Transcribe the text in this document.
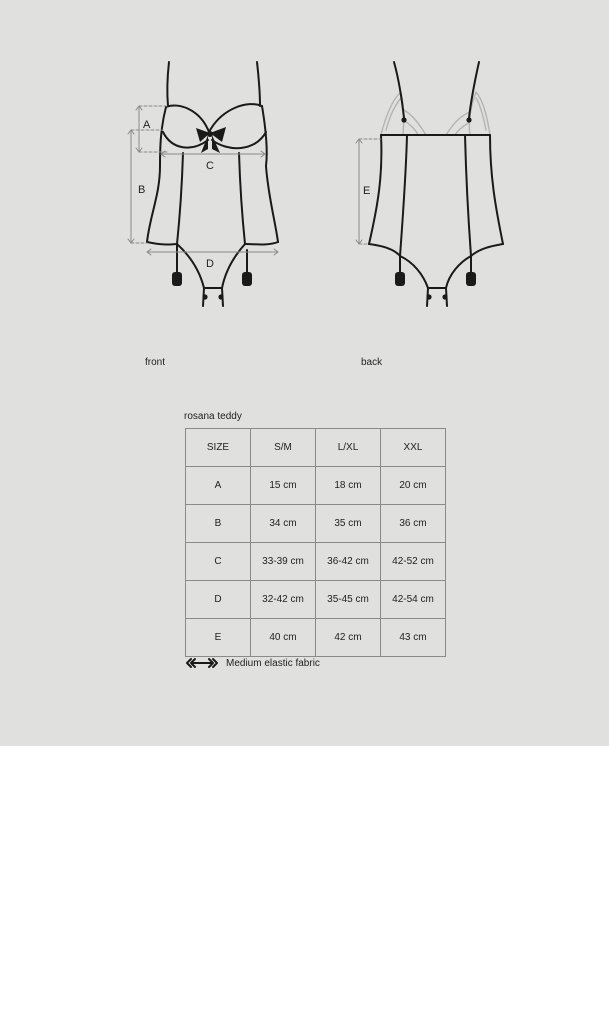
A
B
C
D
E
front	back
rosana teddy
SIZE	S/M	L/XL	XXL
A	15 cm	18 cm	20 cm
B	34 cm	35 cm	36 cm
C	33-39 cm	36-42 cm	42-52 cm
D	32-42 cm	35-45 cm	42-54 cm
E	40 cm	42 cm	43 cm
Medium elastic fabric
